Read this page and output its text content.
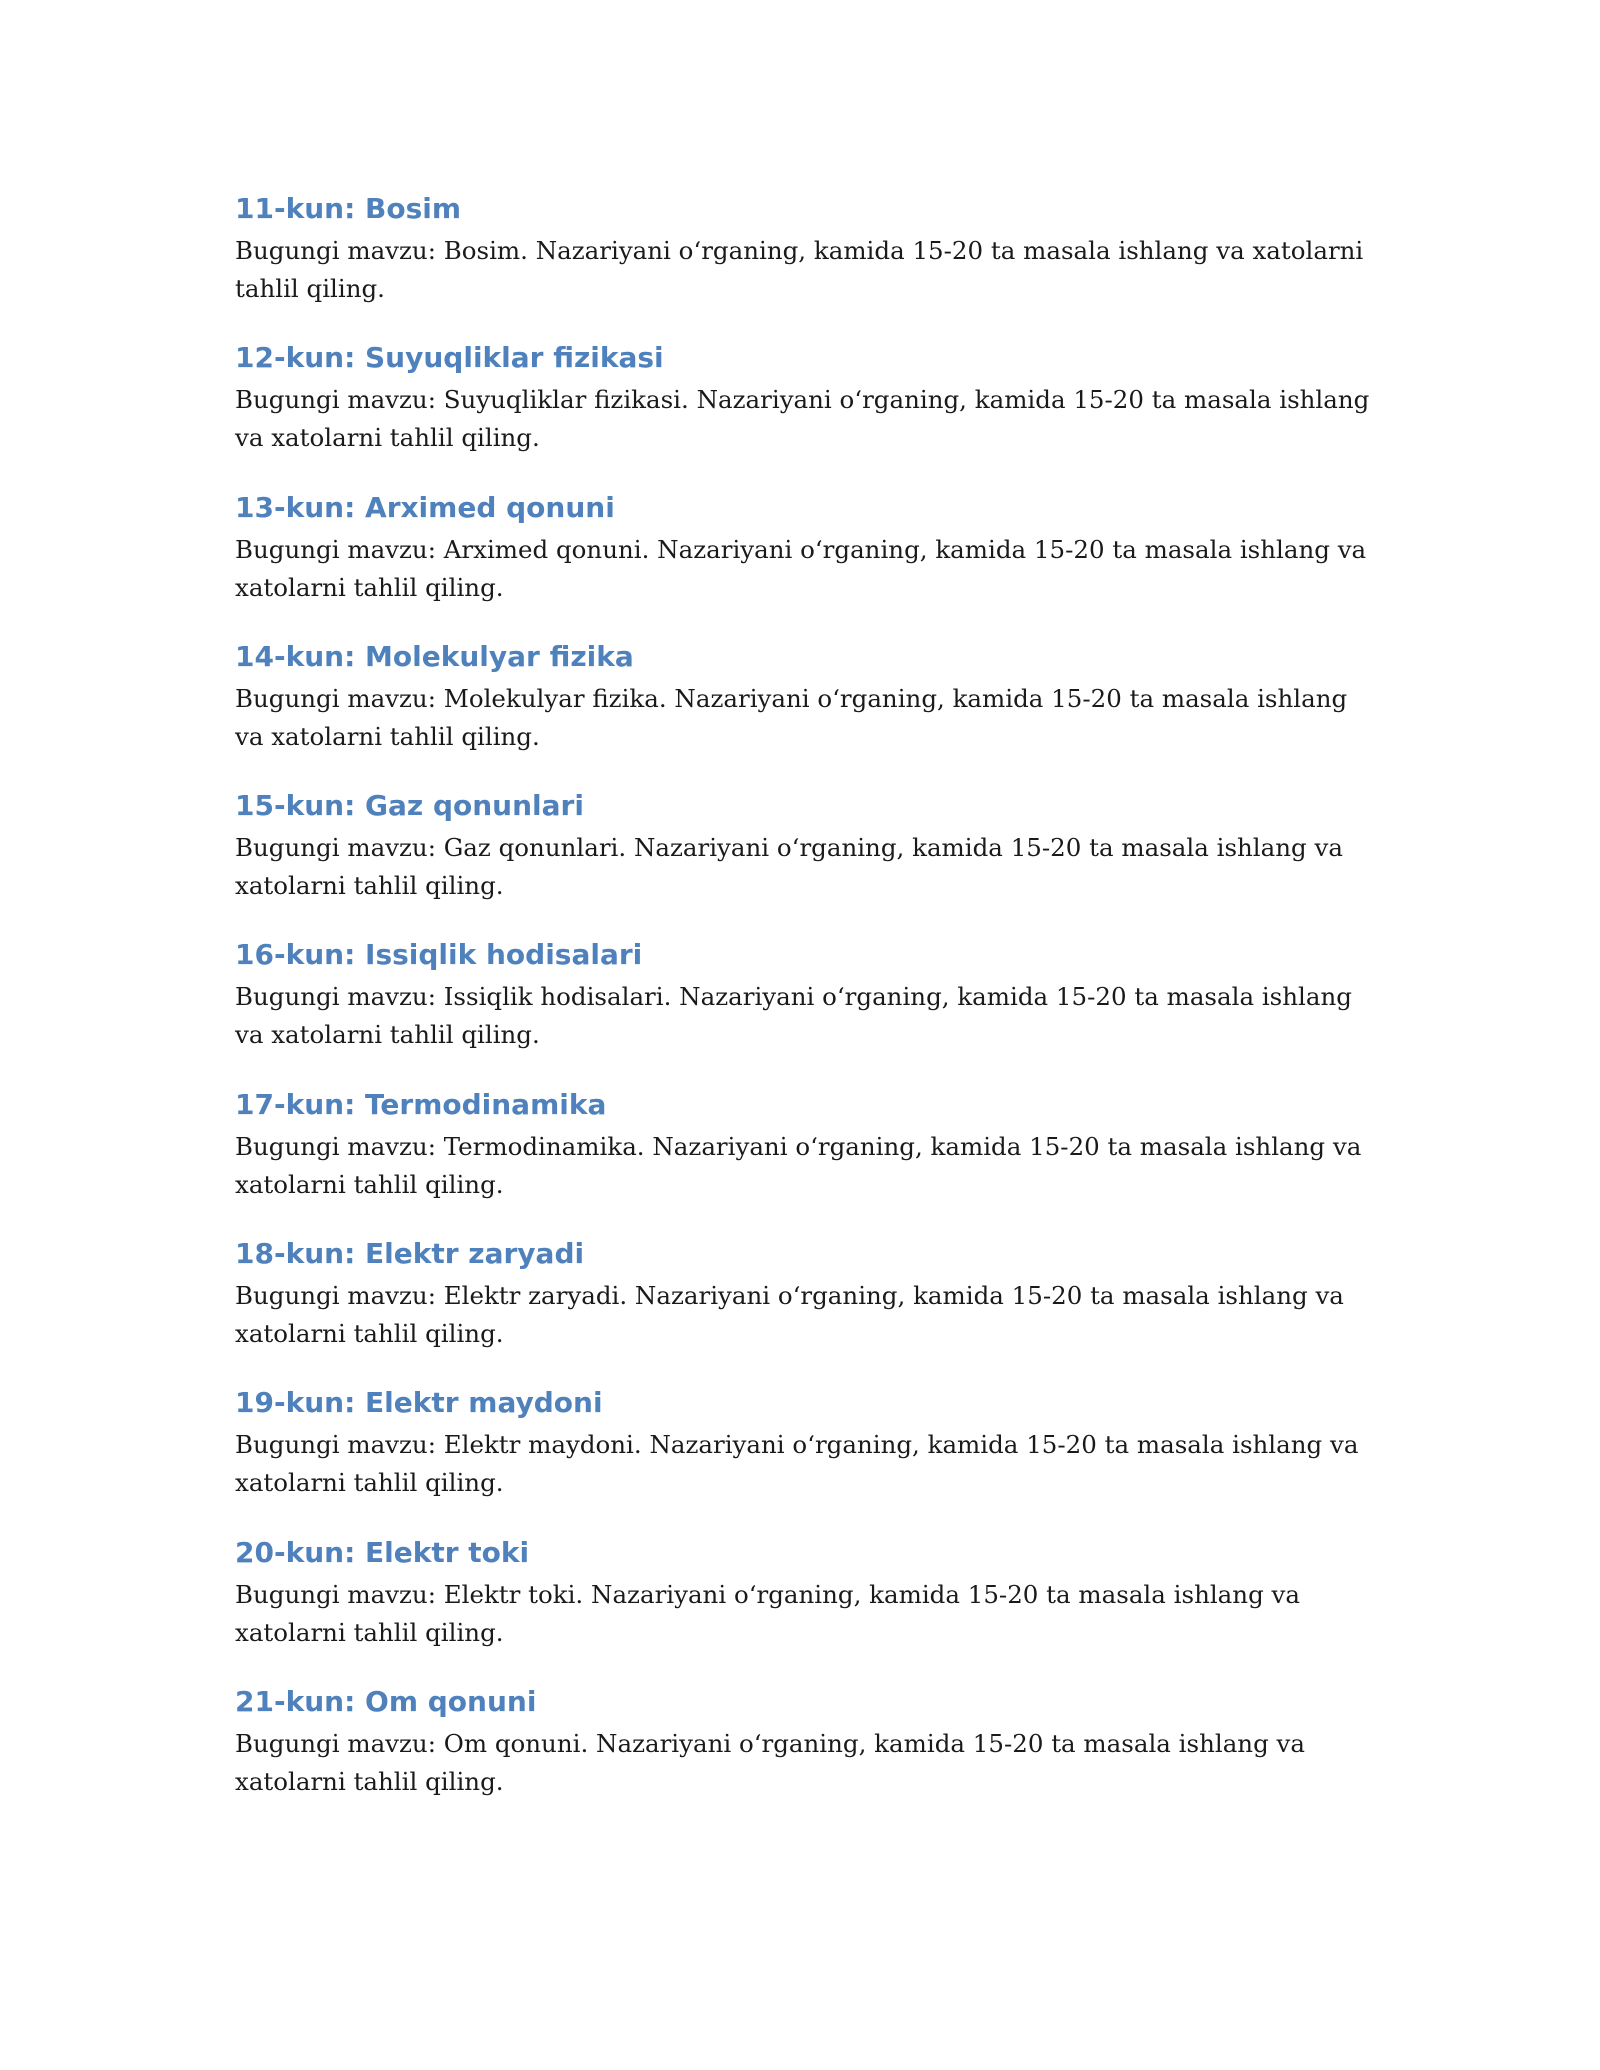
11-kun: Bosim

Bugungi mavzu: Bosim. Nazariyani oʻrganing, kamida 15-20 ta masala ishlang va xatolarni tahlil qiling.

12-kun: Suyuqliklar fizikasi

Bugungi mavzu: Suyuqliklar fizikasi. Nazariyani oʻrganing, kamida 15-20 ta masala ishlang va xatolarni tahlil qiling.

13-kun: Arximed qonuni

Bugungi mavzu: Arximed qonuni. Nazariyani oʻrganing, kamida 15-20 ta masala ishlang va xatolarni tahlil qiling.

14-kun: Molekulyar fizika

Bugungi mavzu: Molekulyar fizika. Nazariyani oʻrganing, kamida 15-20 ta masala ishlang va xatolarni tahlil qiling.

15-kun: Gaz qonunlari

Bugungi mavzu: Gaz qonunlari. Nazariyani oʻrganing, kamida 15-20 ta masala ishlang va xatolarni tahlil qiling.

16-kun: Issiqlik hodisalari

Bugungi mavzu: Issiqlik hodisalari. Nazariyani oʻrganing, kamida 15-20 ta masala ishlang va xatolarni tahlil qiling.

17-kun: Termodinamika

Bugungi mavzu: Termodinamika. Nazariyani oʻrganing, kamida 15-20 ta masala ishlang va xatolarni tahlil qiling.

18-kun: Elektr zaryadi

Bugungi mavzu: Elektr zaryadi. Nazariyani oʻrganing, kamida 15-20 ta masala ishlang va xatolarni tahlil qiling.

19-kun: Elektr maydoni

Bugungi mavzu: Elektr maydoni. Nazariyani oʻrganing, kamida 15-20 ta masala ishlang va xatolarni tahlil qiling.

20-kun: Elektr toki

Bugungi mavzu: Elektr toki. Nazariyani oʻrganing, kamida 15-20 ta masala ishlang va xatolarni tahlil qiling.

21-kun: Om qonuni

Bugungi mavzu: Om qonuni. Nazariyani oʻrganing, kamida 15-20 ta masala ishlang va xatolarni tahlil qiling.
